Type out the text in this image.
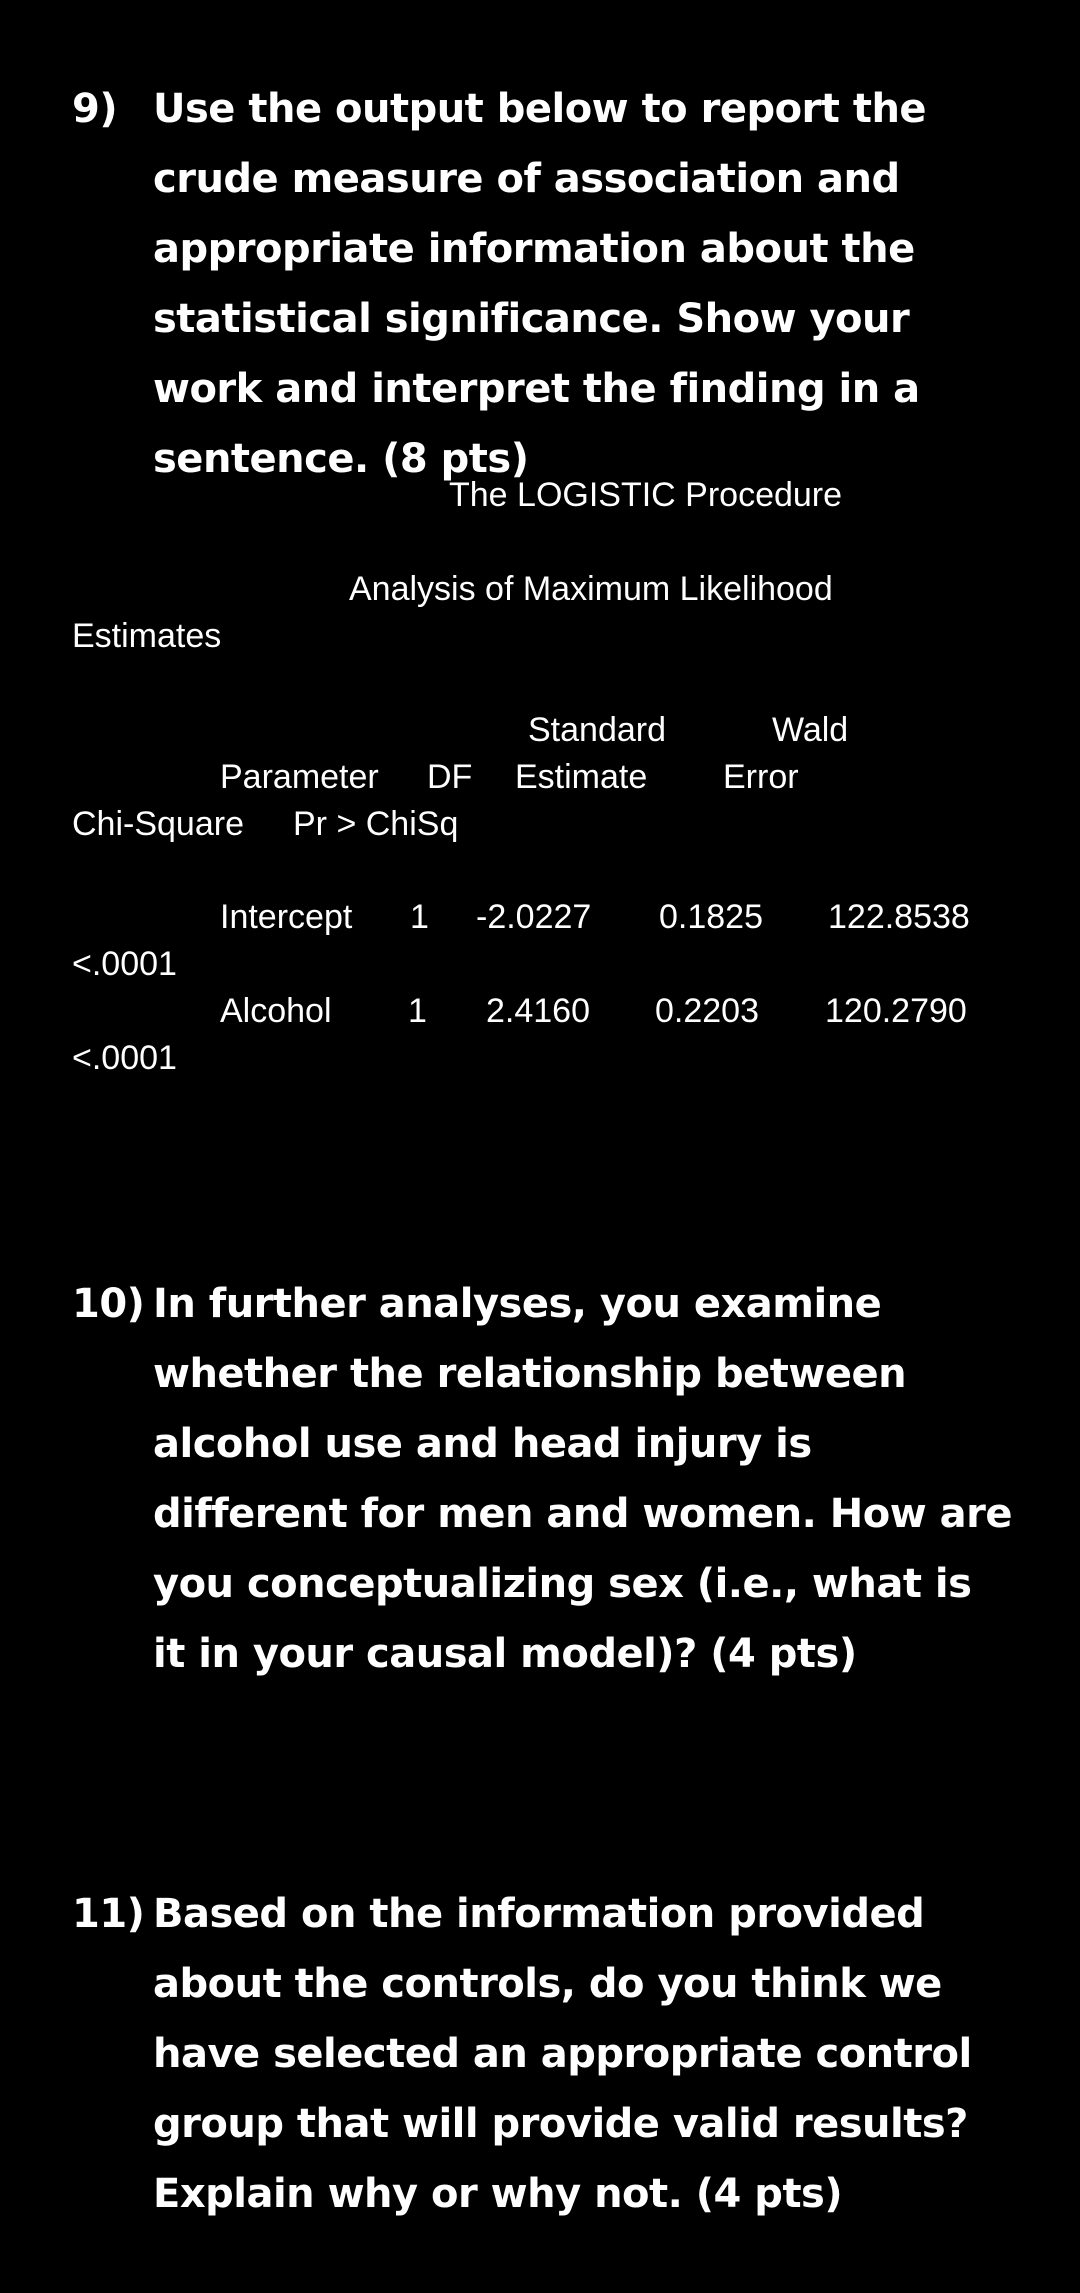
9) Use the output below to report the crude measure of association and appropriate information about the statistical significance. Show your work and interpret the finding in a sentence. (8 pts)
The LOGISTIC Procedure
Analysis of Maximum Likelihood
Estimates
Standard	Wald
Parameter DF Estimate Error
Chi-Square Pr > ChiSq
Intercept 1 -2.0227 0.1825 122.8538
<.0001
Alcohol 1 2.4160 0.2203 120.2790
<.0001
10) In further analyses, you examine whether the relationship between alcohol use and head injury is different for men and women. How are you conceptualizing sex (i.e., what is it in your causal model)? (4 pts)
11) Based on the information provided about the controls, do you think we have selected an appropriate control group that will provide valid results? Explain why or why not. (4 pts)
